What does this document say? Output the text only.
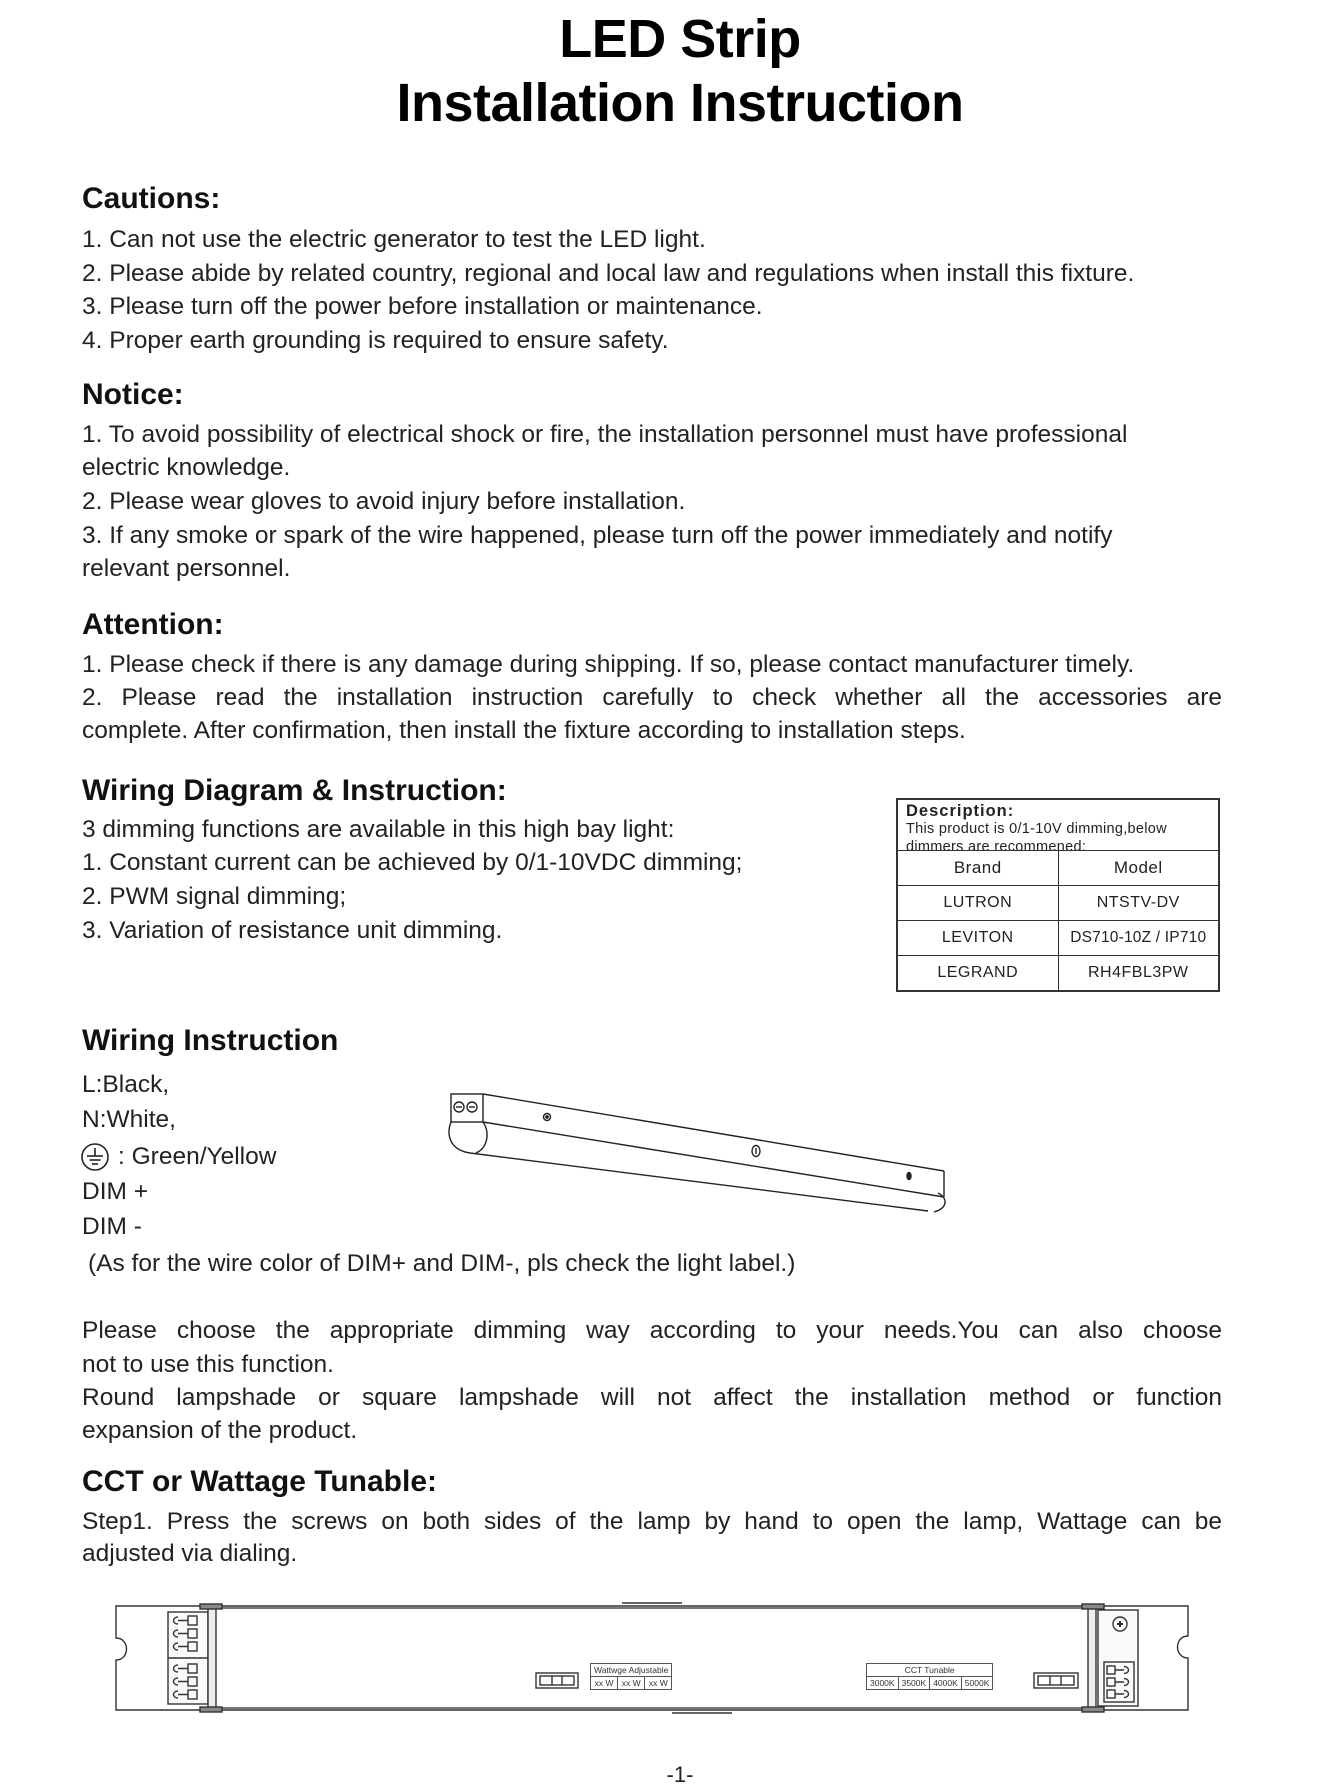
LED Strip
Installation Instruction
Cautions:
1. Can not use the electric generator to test the LED light.
2. Please abide by related country, regional and local law and regulations when install this fixture.
3. Please turn off the power before installation or maintenance.
4. Proper earth grounding is required to ensure safety.
Notice:
1. To avoid possibility of electrical shock or fire, the installation personnel must have professional
electric knowledge.
2. Please wear gloves to avoid injury before installation.
3. If any smoke or spark of the wire happened, please turn off the power immediately and notify
relevant personnel.
Attention:
1. Please check if there is any damage during shipping. If so, please contact manufacturer timely.
2. Please read the installation instruction carefully to check whether all the accessories are
complete. After confirmation, then install the fixture according to installation steps.
Wiring Diagram & Instruction:
3 dimming functions are available in this high bay light:
1. Constant current can be achieved by 0/1-10VDC dimming;
2. PWM signal dimming;
3. Variation of resistance unit dimming.
Description:
This product is 0/1-10V dimming,below
dimmers are recommened:	

Brand	Model
LUTRON	NTSTV-DV
LEVITON	DS710-10Z / IP710
LEGRAND	RH4FBL3PW
Wiring Instruction
L:Black,
N:White,
: Green/Yellow
DIM +
DIM -
(As for the wire color of DIM+ and DIM-, pls check the light label.)
Please choose the appropriate dimming way according to your needs.You can also choose
not to use this function.
Round lampshade or square lampshade will not affect the installation method or function
expansion of the product.
CCT or Wattage Tunable:
Step1. Press the screws on both sides of the lamp by hand to open the lamp, Wattage can be
adjusted via dialing.
Wattwge Adjustable
xx W	xx W	xx W
CCT Tunable
3000K	3500K	4000K	5000K
-1-
